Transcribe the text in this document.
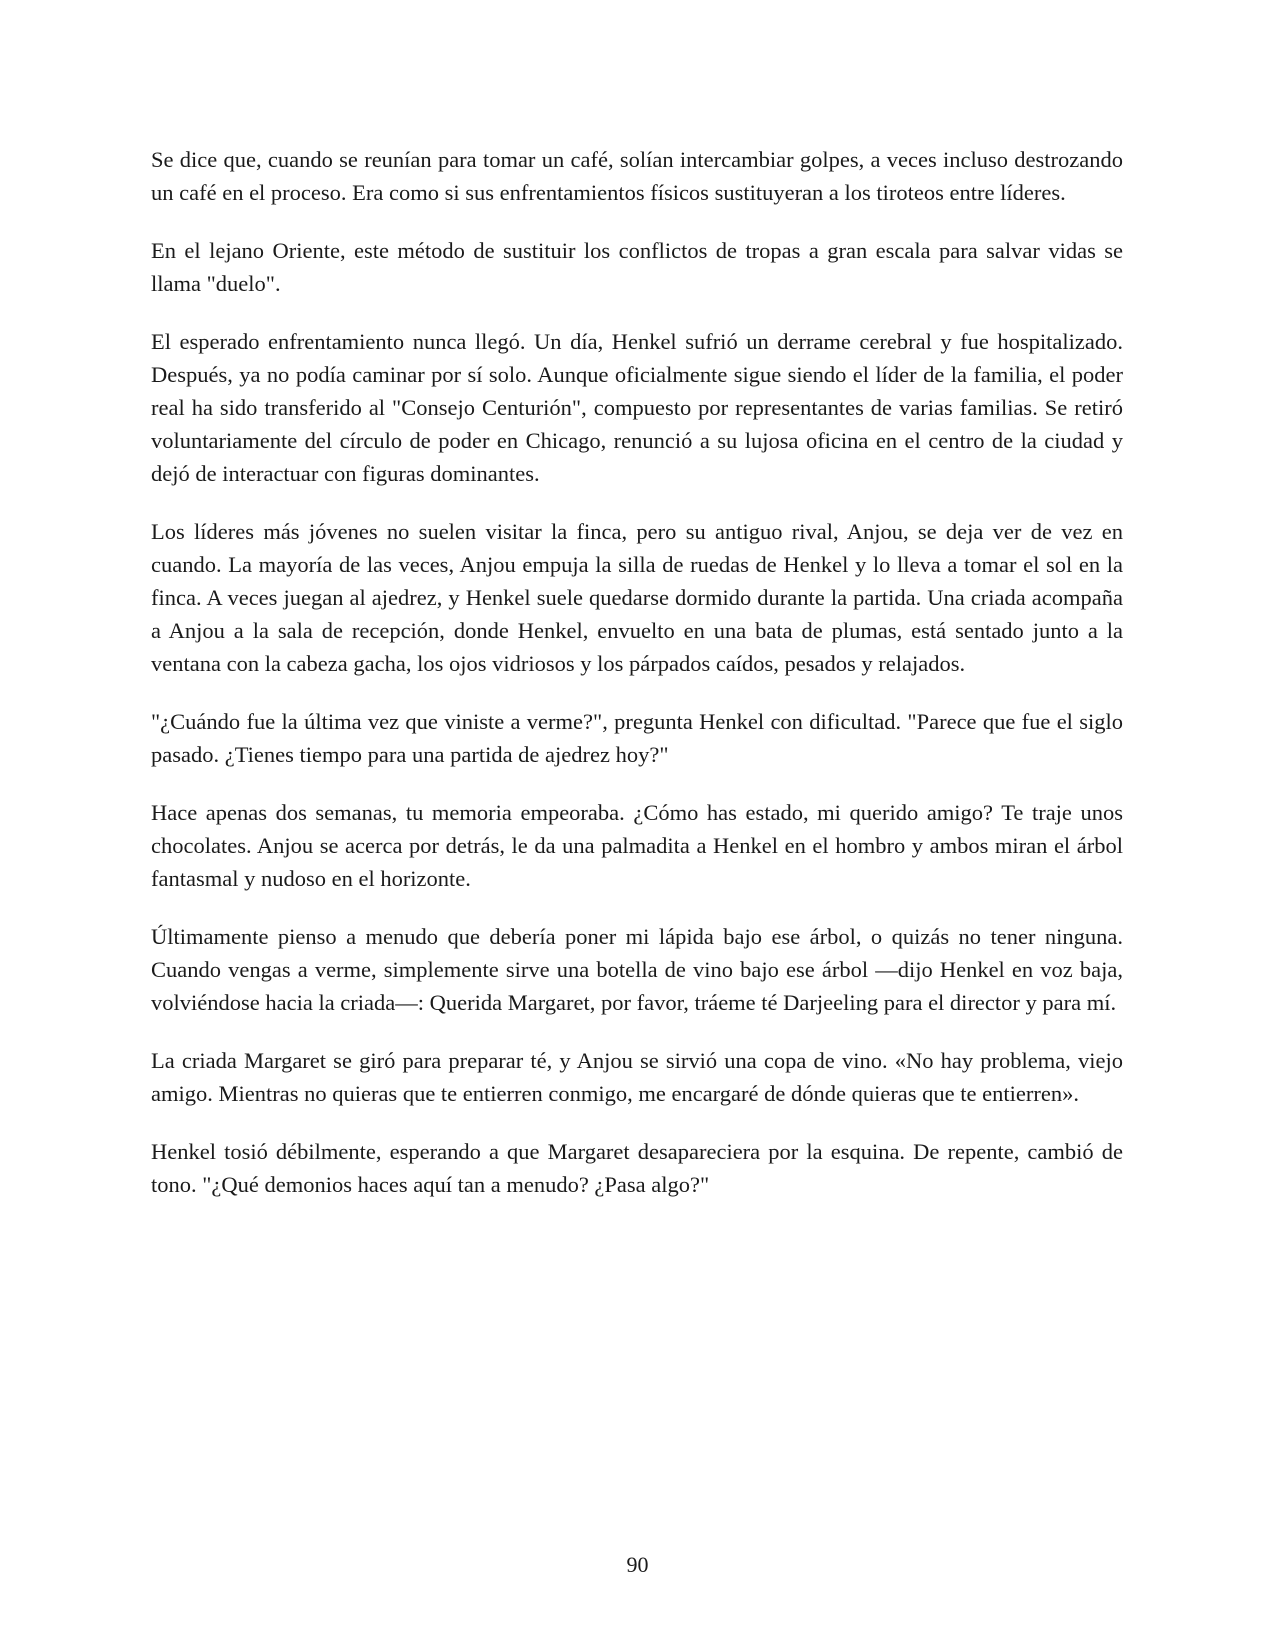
Se dice que, cuando se reunían para tomar un café, solían intercambiar golpes, a veces incluso destrozando un café en el proceso. Era como si sus enfrentamientos físicos sustituyeran a los tiroteos entre líderes.

En el lejano Oriente, este método de sustituir los conflictos de tropas a gran escala para salvar vidas se llama "duelo".

El esperado enfrentamiento nunca llegó. Un día, Henkel sufrió un derrame cerebral y fue hospitalizado. Después, ya no podía caminar por sí solo. Aunque oficialmente sigue siendo el líder de la familia, el poder real ha sido transferido al "Consejo Centurión", compuesto por representantes de varias familias. Se retiró voluntariamente del círculo de poder en Chicago, renunció a su lujosa oficina en el centro de la ciudad y dejó de interactuar con figuras dominantes.

Los líderes más jóvenes no suelen visitar la finca, pero su antiguo rival, Anjou, se deja ver de vez en cuando. La mayoría de las veces, Anjou empuja la silla de ruedas de Henkel y lo lleva a tomar el sol en la finca. A veces juegan al ajedrez, y Henkel suele quedarse dormido durante la partida. Una criada acompaña a Anjou a la sala de recepción, donde Henkel, envuelto en una bata de plumas, está sentado junto a la ventana con la cabeza gacha, los ojos vidriosos y los párpados caídos, pesados y relajados.

"¿Cuándo fue la última vez que viniste a verme?", pregunta Henkel con dificultad. "Parece que fue el siglo pasado. ¿Tienes tiempo para una partida de ajedrez hoy?"

Hace apenas dos semanas, tu memoria empeoraba. ¿Cómo has estado, mi querido amigo? Te traje unos chocolates. Anjou se acerca por detrás, le da una palmadita a Henkel en el hombro y ambos miran el árbol fantasmal y nudoso en el horizonte.

Últimamente pienso a menudo que debería poner mi lápida bajo ese árbol, o quizás no tener ninguna. Cuando vengas a verme, simplemente sirve una botella de vino bajo ese árbol —dijo Henkel en voz baja, volviéndose hacia la criada—: Querida Margaret, por favor, tráeme té Darjeeling para el director y para mí.

La criada Margaret se giró para preparar té, y Anjou se sirvió una copa de vino. «No hay problema, viejo amigo. Mientras no quieras que te entierren conmigo, me encargaré de dónde quieras que te entierren».

Henkel tosió débilmente, esperando a que Margaret desapareciera por la esquina. De repente, cambió de tono. "¿Qué demonios haces aquí tan a menudo? ¿Pasa algo?"

90
